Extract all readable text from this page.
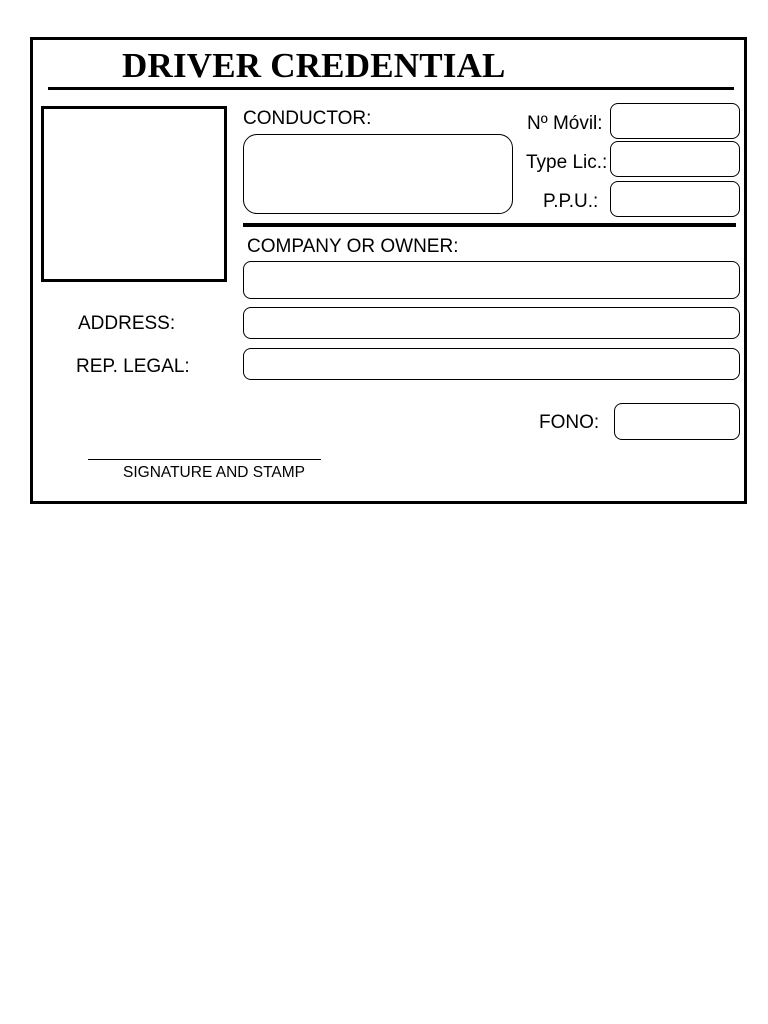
DRIVER CREDENTIAL
CONDUCTOR:	Nº Móvil:
Type Lic.:
P.P.U.:
COMPANY OR OWNER:
ADDRESS:
REP. LEGAL:
FONO:
SIGNATURE AND STAMP
